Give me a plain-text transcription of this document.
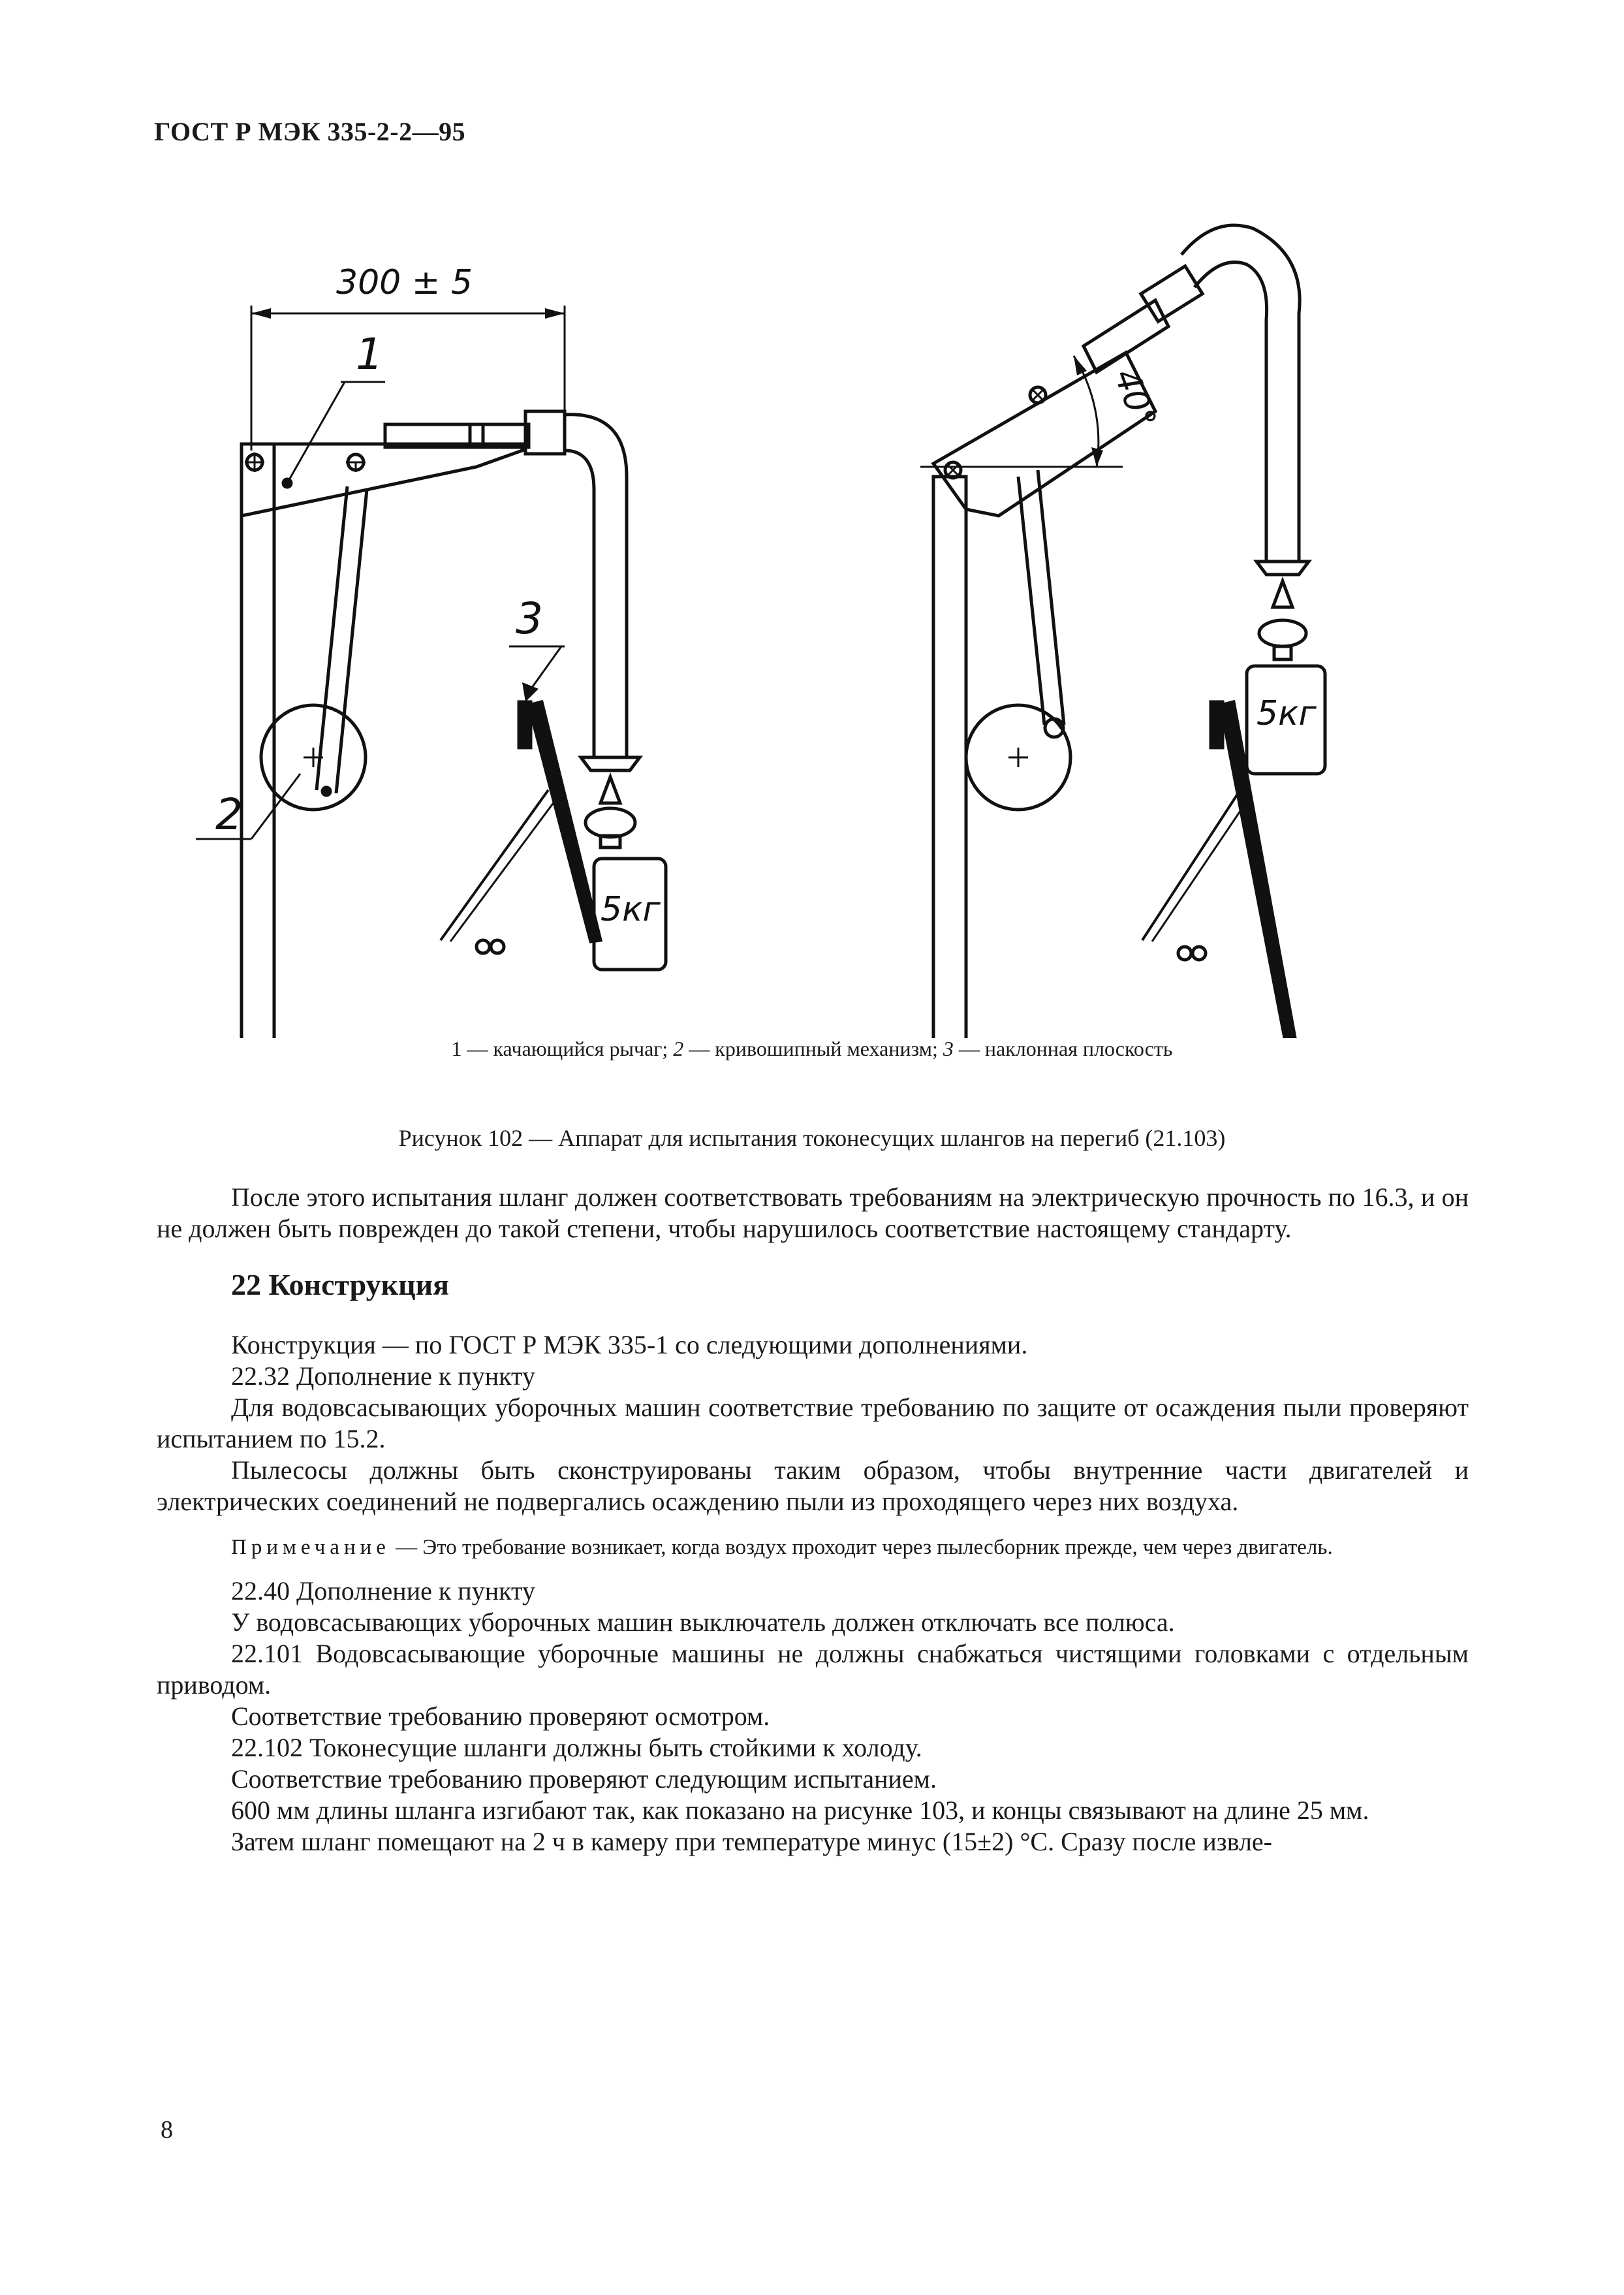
ГОСТ Р МЭК 335-2-2—95
300 ± 5
1
5кг
2
3
40°
5кг
1 — качающийся рычаг; 2 — кривошипный механизм; 3 — наклонная плоскость
Рисунок 102 — Аппарат для испытания токонесущих шлангов на перегиб (21.103)

После этого испытания шланг должен соответствовать требованиям на электрическую прочность по 16.3, и он не должен быть поврежден до такой степени, чтобы нарушилось соответствие настоящему стандарту.

22 Конструкция

Конструкция — по ГОСТ Р МЭК 335-1 со следующими дополнениями.

22.32 Дополнение к пункту

Для водовсасывающих уборочных машин соответствие требованию по защите от осаждения пыли проверяют испытанием по 15.2.

Пылесосы должны быть сконструированы таким образом, чтобы внутренние части двигателей и электрических соединений не подвергались осаждению пыли из проходящего через них воздуха.

Примечание — Это требование возникает, когда воздух проходит через пылесборник прежде, чем через двигатель.

22.40 Дополнение к пункту

У водовсасывающих уборочных машин выключатель должен отключать все полюса.

22.101 Водовсасывающие уборочные машины не должны снабжаться чистящими головками с отдельным приводом.

Соответствие требованию проверяют осмотром.

22.102 Токонесущие шланги должны быть стойкими к холоду.

Соответствие требованию проверяют следующим испытанием.

600 мм длины шланга изгибают так, как показано на рисунке 103, и концы связывают на длине 25 мм.

Затем шланг помещают на 2 ч в камеру при температуре минус (15±2) °С. Сразу после извле-

8
